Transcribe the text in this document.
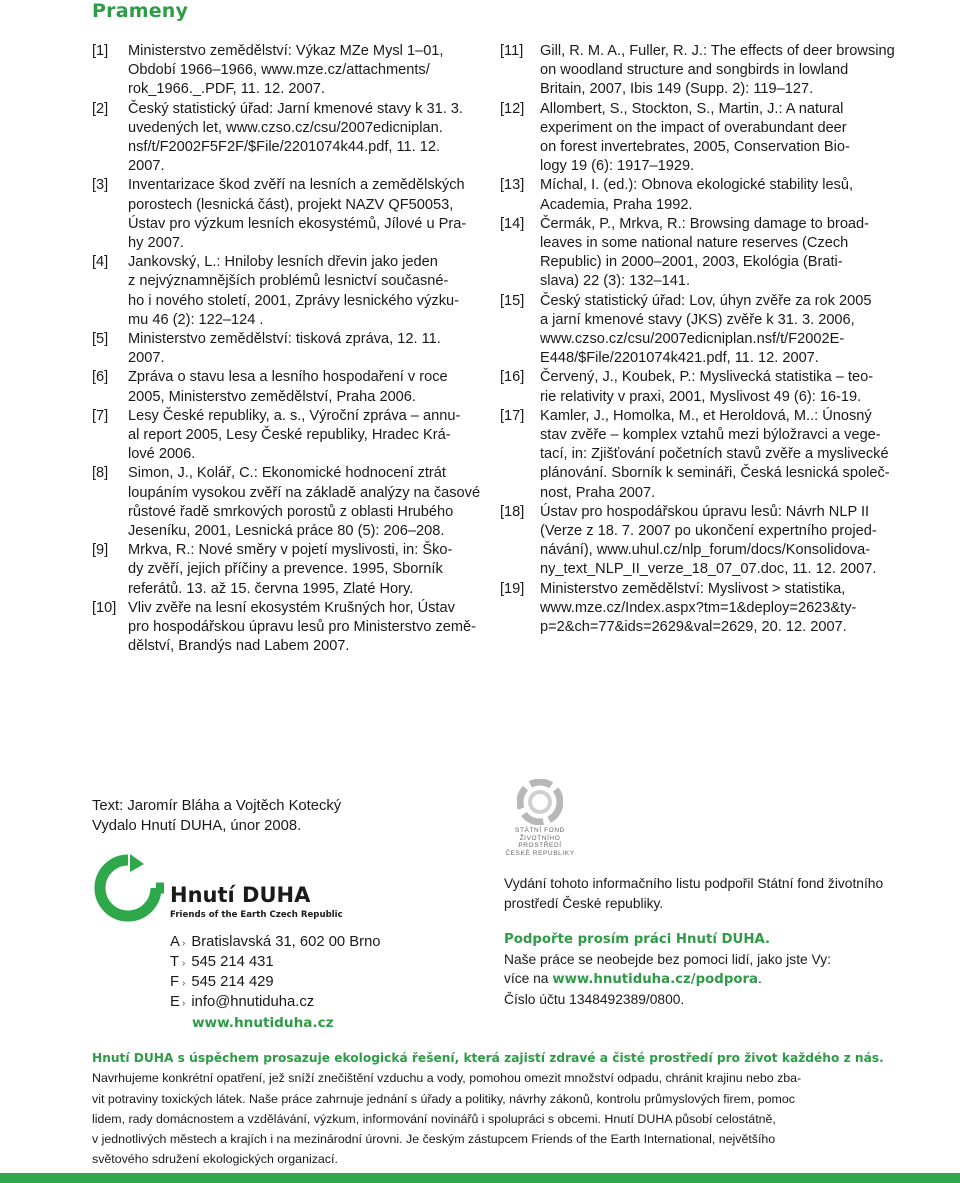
Prameny
[1]	Ministerstvo zemědělství: Výkaz MZe Mysl 1–01,
Období 1966–1966, www.mze.cz/attachments/
rok_1966._.PDF, 11. 12. 2007.
[2]	Český statistický úřad: Jarní kmenové stavy k 31. 3.
uvedených let, www.czso.cz/csu/2007edicniplan.
nsf/t/F2002F5F2F/$File/2201074k44.pdf, 11. 12.
2007.
[3]	Inventarizace škod zvěří na lesních a zemědělských
porostech (lesnická část), projekt NAZV QF50053,
Ústav pro výzkum lesních ekosystémů, Jílové u Pra-
hy 2007.
[4]	Jankovský, L.: Hniloby lesních dřevin jako jeden
z nejvýznamnějších problémů lesnictví současné-
ho i nového století, 2001, Zprávy lesnického výzku-
mu 46 (2): 122–124 .
[5]	Ministerstvo zemědělství: tisková zpráva, 12. 11.
2007.
[6]	Zpráva o stavu lesa a lesního hospodaření v roce
2005, Ministerstvo zemědělství, Praha 2006.
[7]	Lesy České republiky, a. s., Výroční zpráva – annu-
al report 2005, Lesy České republiky, Hradec Krá-
lové 2006.
[8]	Simon, J., Kolář, C.: Ekonomické hodnocení ztrát
loupáním vysokou zvěří na základě analýzy na časové
růstové řadě smrkových porostů z oblasti Hrubého
Jeseníku, 2001, Lesnická práce 80 (5): 206–208.
[9]	Mrkva, R.: Nové směry v pojetí myslivosti, in: Ško-
dy zvěří, jejich příčiny a prevence. 1995, Sborník
referátů. 13. až 15. června 1995, Zlaté Hory.
[10] Vliv zvěře na lesní ekosystém Krušných hor, Ústav
pro hospodářskou úpravu lesů pro Ministerstvo země-
dělství, Brandýs nad Labem 2007.
[11]	Gill, R. M. A., Fuller, R. J.: The effects of deer browsing
on woodland structure and songbirds in lowland
Britain, 2007, Ibis 149 (Supp. 2): 119–127.
[12]	Allombert, S., Stockton, S., Martin, J.: A natural
experiment on the impact of overabundant deer
on forest invertebrates, 2005, Conservation Bio-
logy 19 (6): 1917–1929.
[13]	Míchal, I. (ed.): Obnova ekologické stability lesů,
Academia, Praha 1992.
[14]	Čermák, P., Mrkva, R.: Browsing damage to broad-
leaves in some national nature reserves (Czech
Republic) in 2000–2001, 2003, Ekológia (Brati-
slava) 22 (3): 132–141.
[15]	Český statistický úřad: Lov, úhyn zvěře za rok 2005
a jarní kmenové stavy (JKS) zvěře k 31. 3. 2006,
www.czso.cz/csu/2007edicniplan.nsf/t/F2002E-
E448/$File/2201074k421.pdf, 11. 12. 2007.
[16]	Červený, J., Koubek, P.: Myslivecká statistika – teo-
rie relativity v praxi, 2001, Myslivost 49 (6): 16-19.
[17]	Kamler, J., Homolka, M., et Heroldová, M..: Únosný
stav zvěře – komplex vztahů mezi býložravci a vege-
tací, in: Zjišťování početních stavů zvěře a myslivecké
plánování. Sborník k semináři, Česká lesnická společ-
nost, Praha 2007.
[18]	Ústav pro hospodářskou úpravu lesů: Návrh NLP II
(Verze z 18. 7. 2007 po ukončení expertního projed-
návání), www.uhul.cz/nlp_forum/docs/Konsolidova-
ny_text_NLP_II_verze_18_07_07.doc, 11. 12. 2007.
[19]	Ministerstvo zemědělství: Myslivost > statistika,
www.mze.cz/Index.aspx?tm=1&deploy=2623&ty-
p=2&ch=77&ids=2629&val=2629, 20. 12. 2007.
Text: Jaromír Bláha a Vojtěch Kotecký
Vydalo Hnutí DUHA, únor 2008.	STÁTNÍ FOND
ŽIVOTNÍHO PROSTŘEDÍ
ČESKÉ REPUBLIKY
Hnutí DUHA
Friends of the Earth Czech Republic
A › Bratislavská 31, 602 00 Brno
T › 545 214 431
F › 545 214 429
E › info@hnutiduha.cz
www.hnutiduha.cz
Vydání tohoto informačního listu podpořil Státní fond životního
prostředí České republiky.
Podpořte prosím práci Hnutí DUHA.
Naše práce se neobejde bez pomoci lidí, jako jste Vy:
více na www.hnutiduha.cz/podpora.
Číslo účtu 1348492389/0800.
Hnutí DUHA s úspěchem prosazuje ekologická řešení, která zajistí zdravé a čisté prostředí pro život každého z nás.
Navrhujeme konkrétní opatření, jež sníží znečištění vzduchu a vody, pomohou omezit množství odpadu, chránit krajinu nebo zba-
vit potraviny toxických látek. Naše práce zahrnuje jednání s úřady a politiky, návrhy zákonů, kontrolu průmyslových firem, pomoc
lidem, rady domácnostem a vzdělávání, výzkum, informování novinářů i spolupráci s obcemi. Hnutí DUHA působí celostátně,
v jednotlivých městech a krajích i na mezinárodní úrovni. Je českým zástupcem Friends of the Earth International, největšího
světového sdružení ekologických organizací.
